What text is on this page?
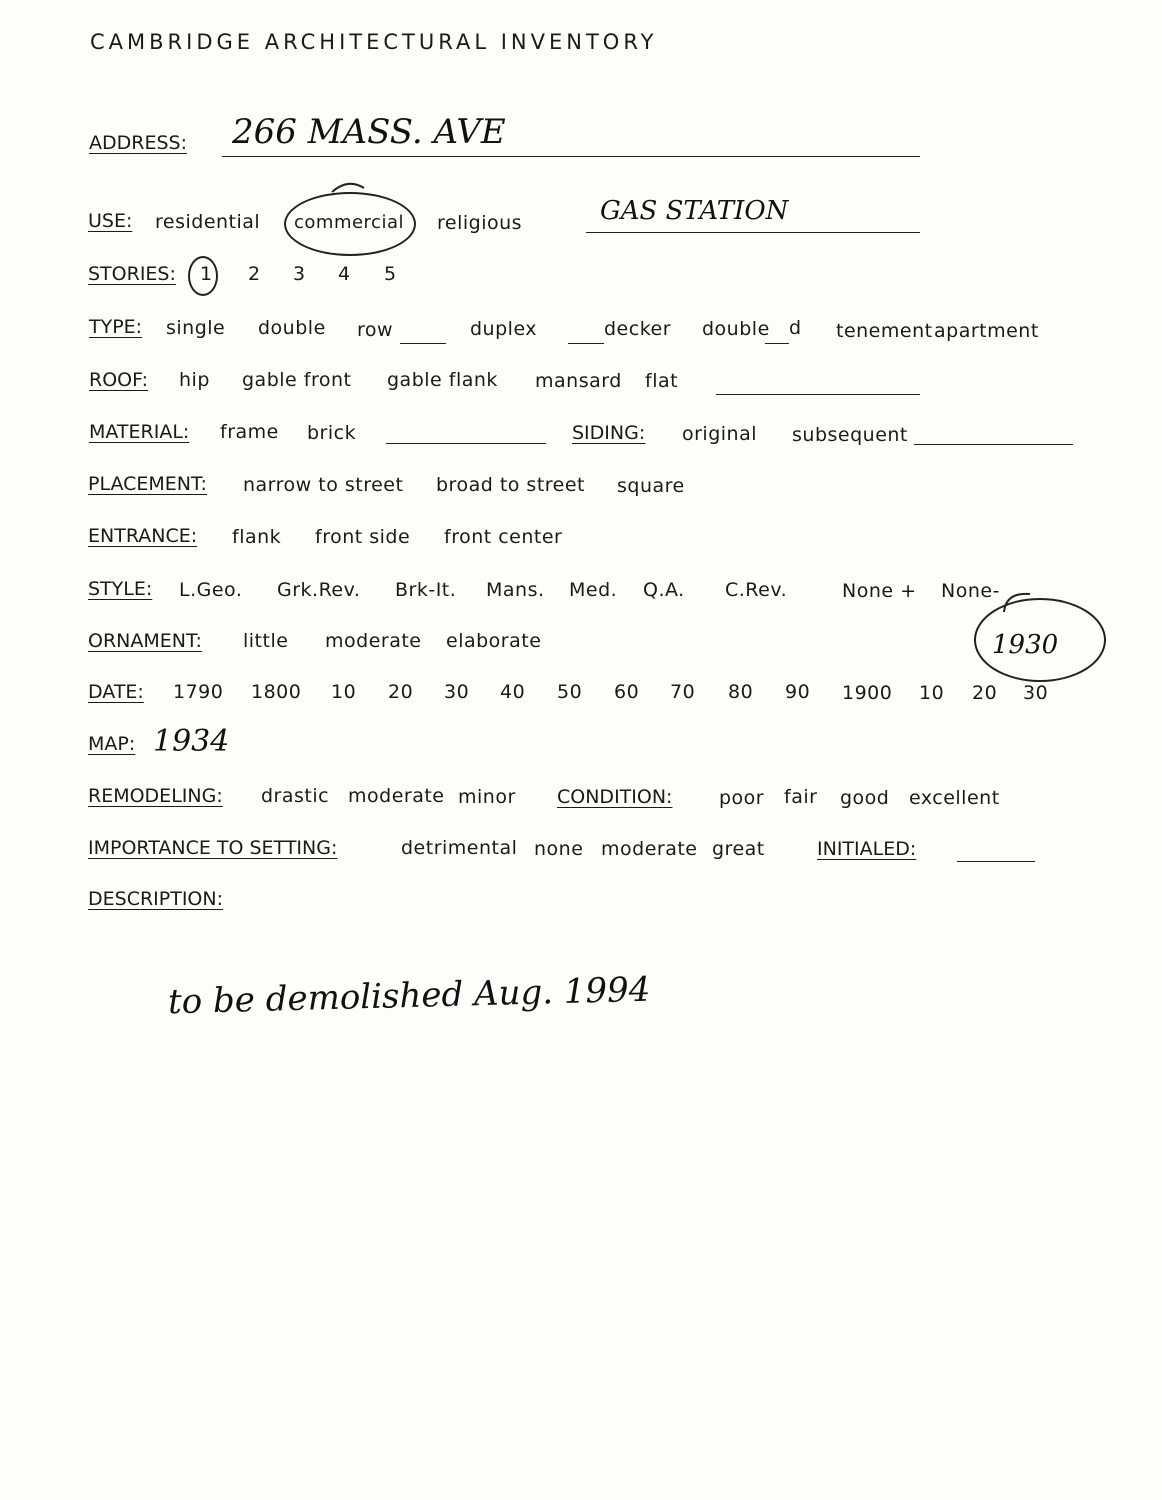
CAMBRIDGE ARCHITECTURAL INVENTORY
ADDRESS: 266 MASS. AVE
USE: residential commercial religious	GAS STATION
STORIES: 1 2 3 4 5
TYPE: single double row	duplex	decker double d tenement apartment
ROOF: hip gable front gable flank mansard flat
MATERIAL: frame brick	SIDING: original subsequent
PLACEMENT: narrow to street broad to street square
ENTRANCE: flank front side front center
STYLE: L.Geo. Grk.Rev. Brk-It. Mans. Med. Q.A. C.Rev.	None + None-
ORNAMENT: little moderate elaborate	1930
DATE: 1790 1800 10 20 30 40 50 60 70 80 90 1900 10 20 30
MAP: 1934
REMODELING: drastic moderate minor CONDITION: poor fair good excellent
IMPORTANCE TO SETTING:	detrimental none moderate great	INITIALED:
DESCRIPTION:
to be demolished Aug. 1994
